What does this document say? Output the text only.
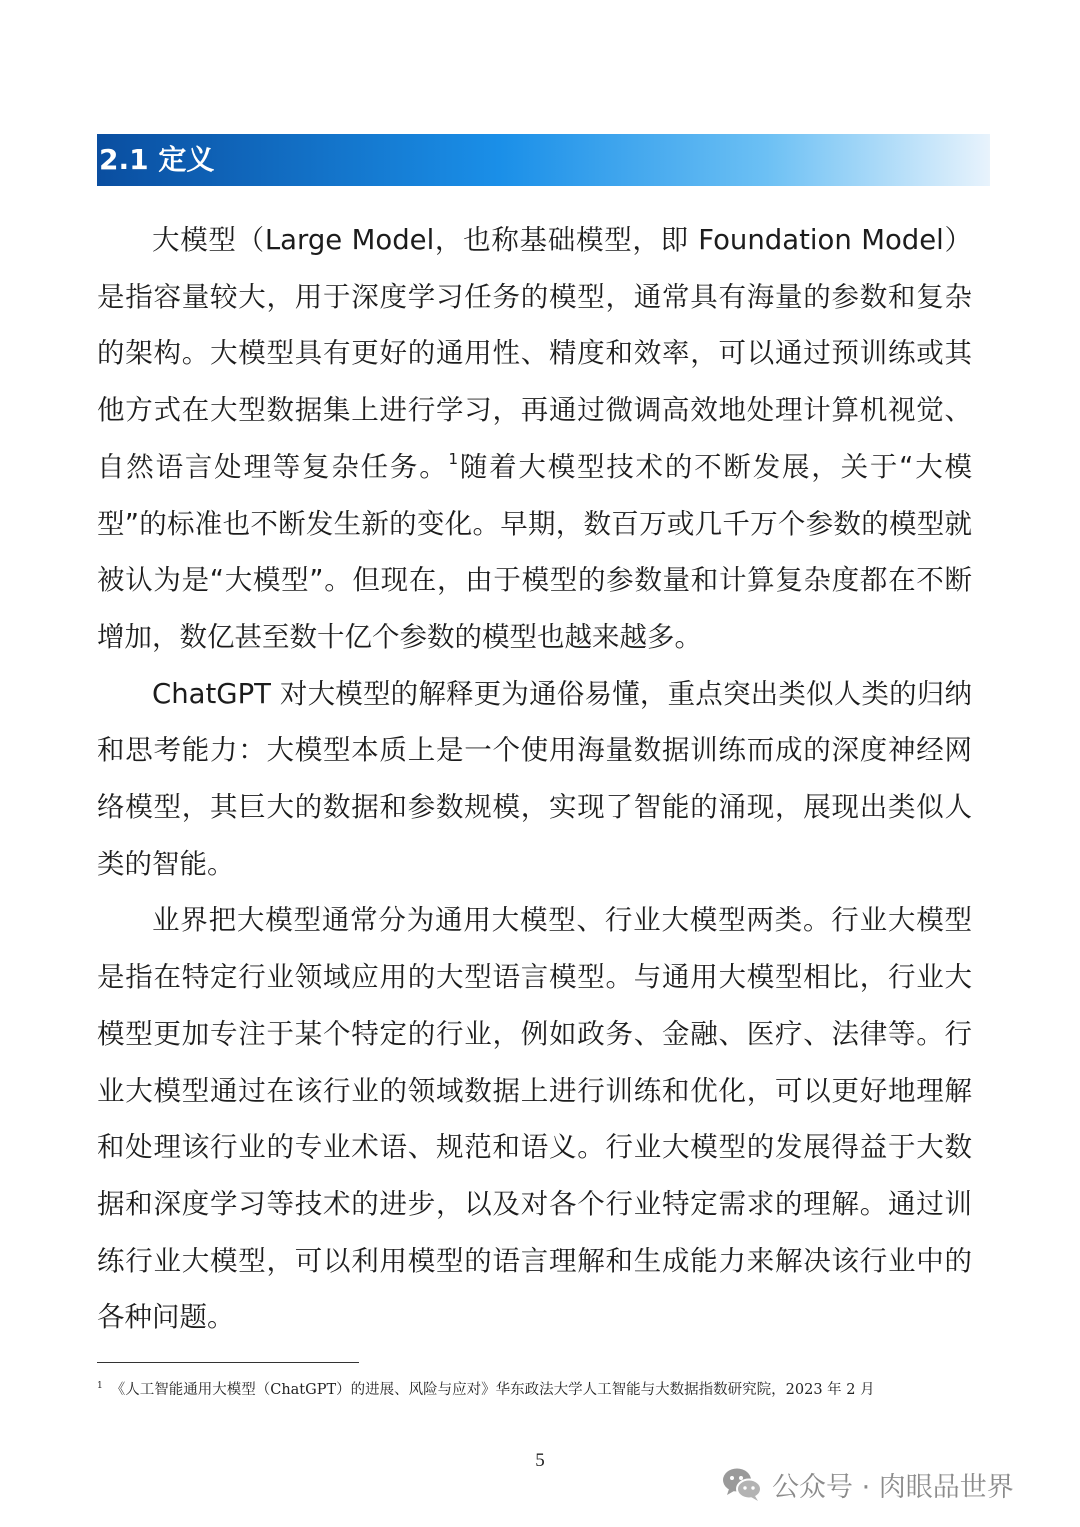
2.1 定义

大模型（Large Model，也称基础模型，即 Foundation Model）是指容量较大，用于深度学习任务的模型，通常具有海量的参数和复杂的架构。大模型具有更好的通用性、精度和效率，可以通过预训练或其他方式在大型数据集上进行学习，再通过微调高效地处理计算机视觉、自然语言处理等复杂任务。$^1$随着大模型技术的不断发展，关于“大模型”的标准也不断发生新的变化。早期，数百万或几千万个参数的模型就被认为是“大模型”。但现在，由于模型的参数量和计算复杂度都在不断增加，数亿甚至数十亿个参数的模型也越来越多。

ChatGPT 对大模型的解释更为通俗易懂，重点突出类似人类的归纳和思考能力：大模型本质上是一个使用海量数据训练而成的深度神经网络模型，其巨大的数据和参数规模，实现了智能的涌现，展现出类似人类的智能。

业界把大模型通常分为通用大模型、行业大模型两类。行业大模型是指在特定行业领域应用的大型语言模型。与通用大模型相比，行业大模型更加专注于某个特定的行业，例如政务、金融、医疗、法律等。行业大模型通过在该行业的领域数据上进行训练和优化，可以更好地理解和处理该行业的专业术语、规范和语义。行业大模型的发展得益于大数据和深度学习等技术的进步，以及对各个行业特定需求的理解。通过训练行业大模型，可以利用模型的语言理解和生成能力来解决该行业中的各种问题。

$^1$ 《人工智能通用大模型（ChatGPT）的进展、风险与应对》华东政法大学人工智能与大数据指数研究院，2023 年 2 月
5
公众号 · 肉眼品世界
